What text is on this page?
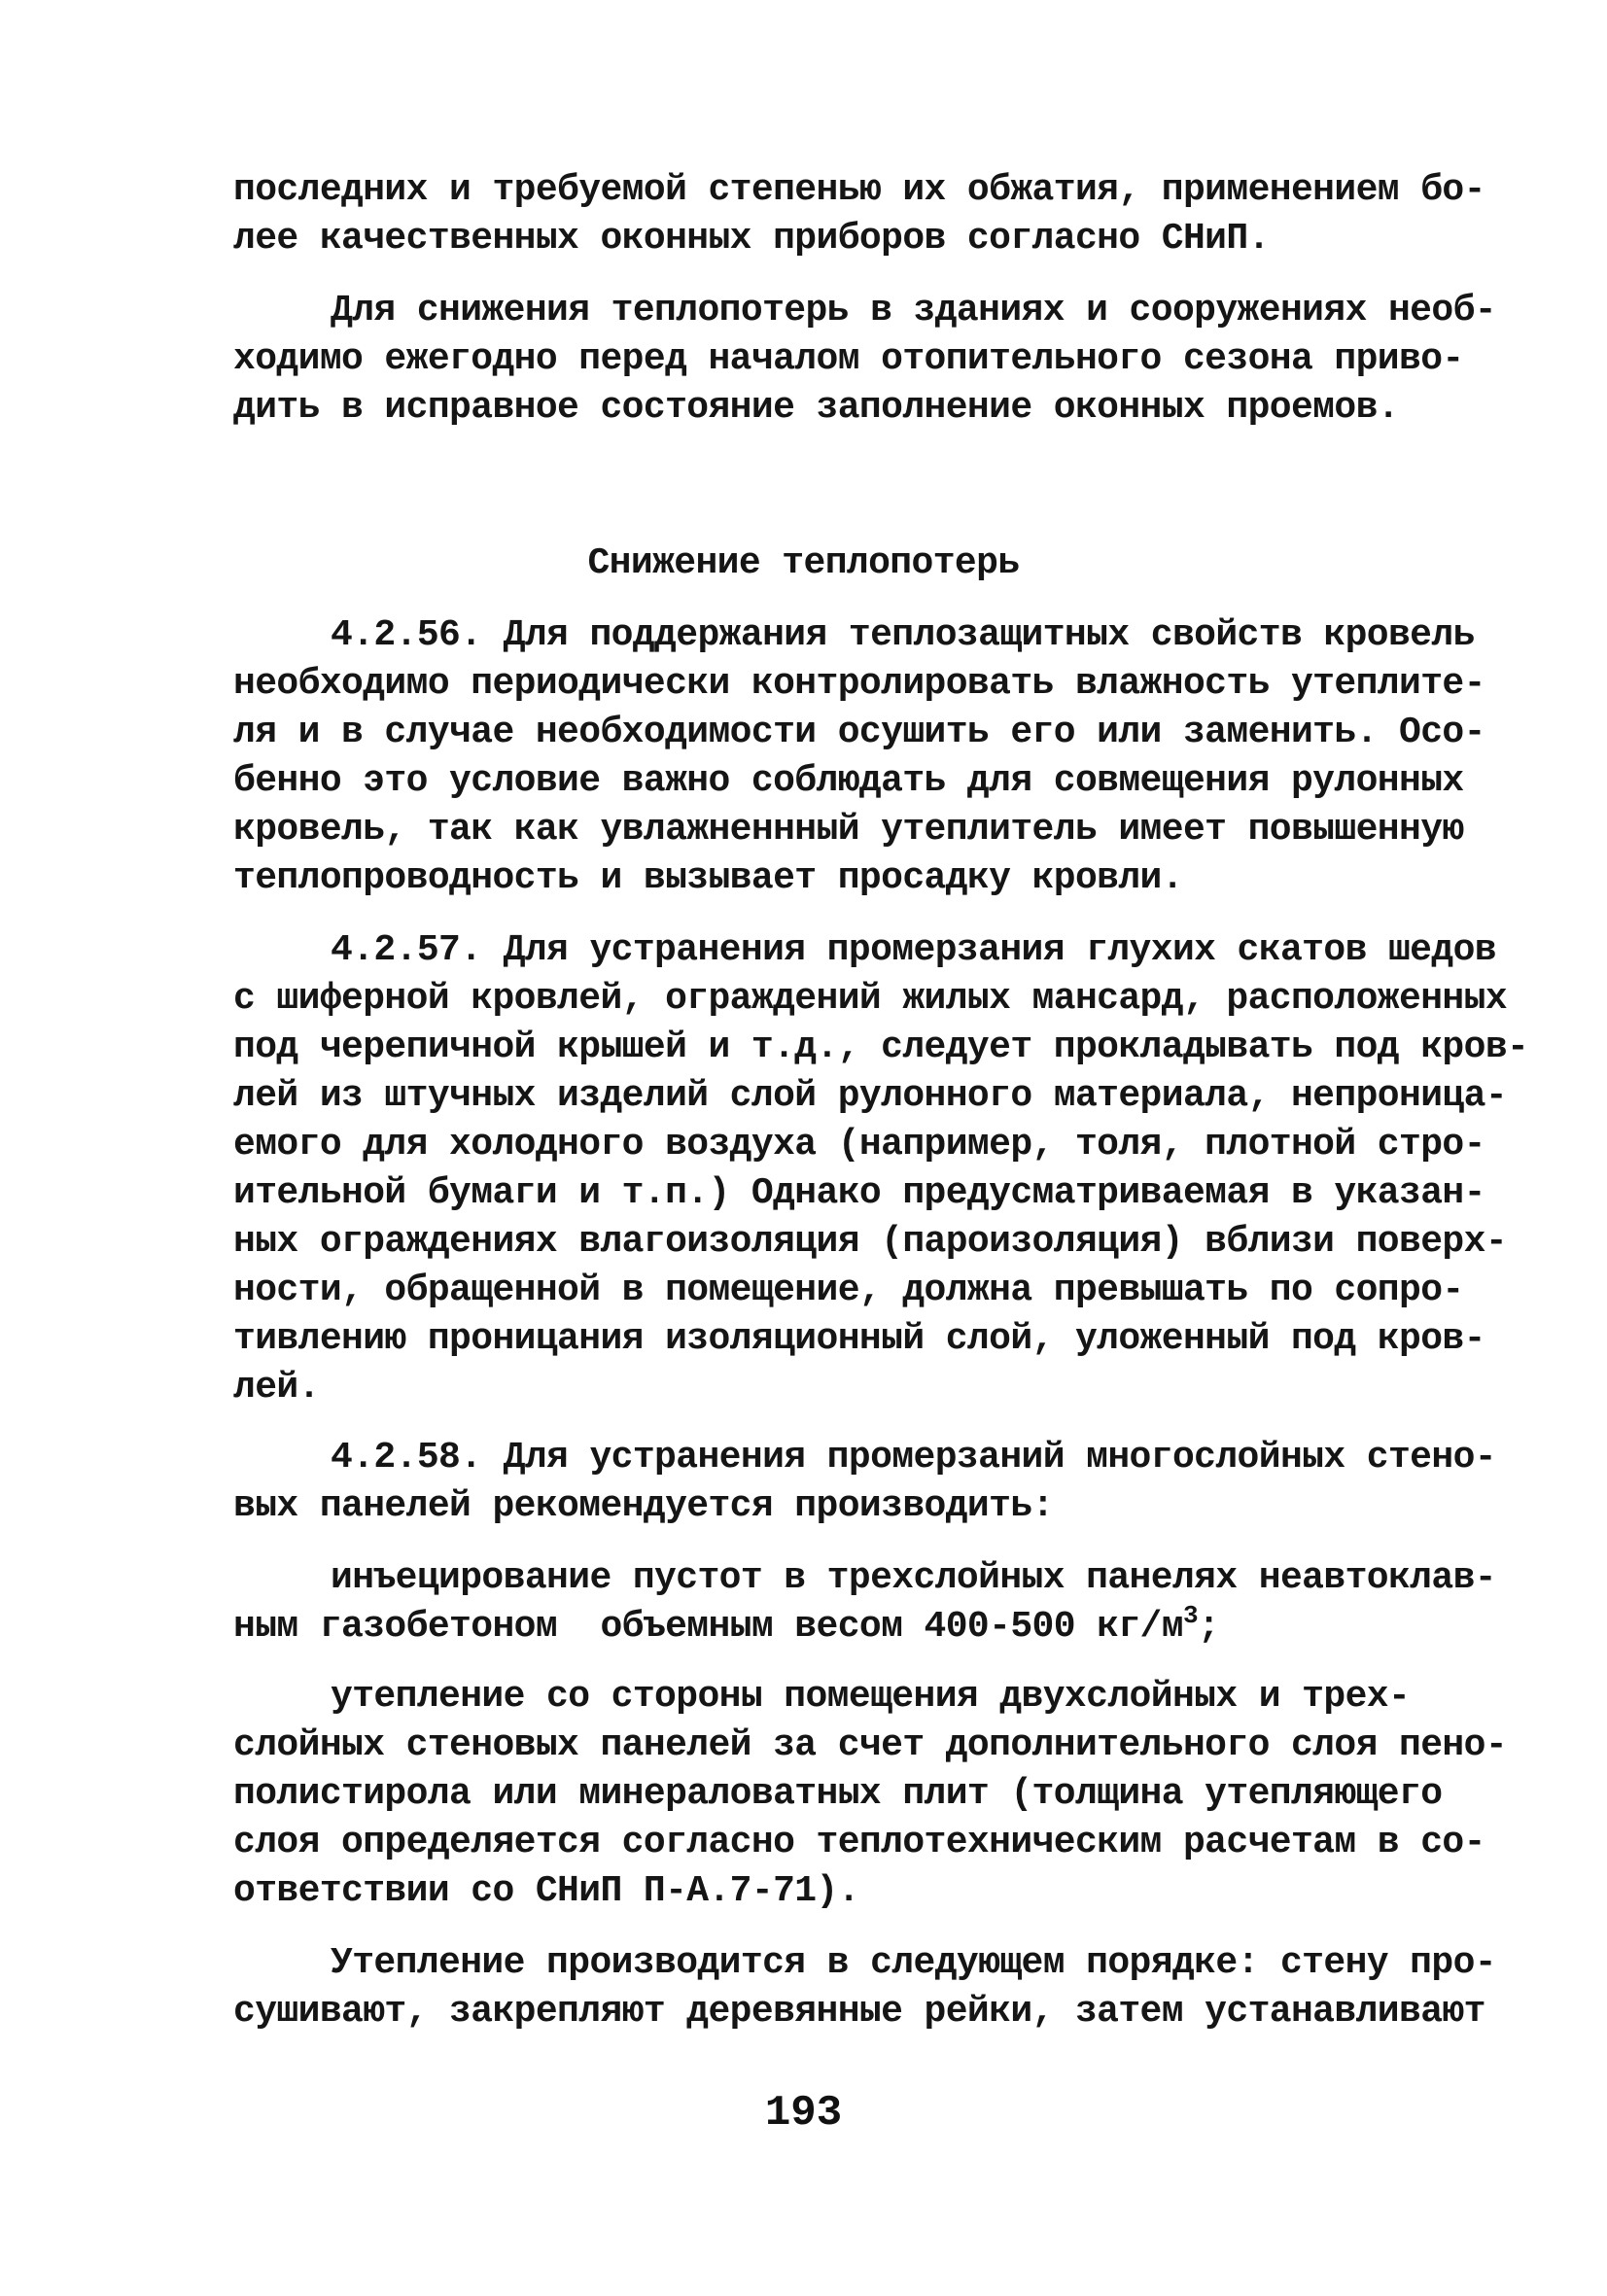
последних и требуемой степенью их обжатия, применением бо-

лее качественных оконных приборов согласно СНиП.

Для снижения теплопотерь в зданиях и сооружениях необ-

ходимо ежегодно перед началом отопительного сезона приво-

дить в исправное состояние заполнение оконных проемов.

Снижение теплопотерь

4.2.56. Для поддержания теплозащитных свойств кровель

необходимо периодически контролировать влажность утеплите-

ля и в случае необходимости осушить его или заменить. Осо-

бенно это условие важно соблюдать для совмещения рулонных

кровель, так как увлажненнный утеплитель имеет повышенную

теплопроводность и вызывает просадку кровли.

4.2.57. Для устранения промерзания глухих скатов шедов

с шиферной кровлей, ограждений жилых мансард, расположенных

под черепичной крышей и т.д., следует прокладывать под кров-

лей из штучных изделий слой рулонного материала, непроница-

емого для холодного воздуха (например, толя, плотной стро-

ительной бумаги и т.п.) Однако предусматриваемая в указан-

ных ограждениях влагоизоляция (пароизоляция) вблизи поверх-

ности, обращенной в помещение, должна превышать по сопро-

тивлению проницания изоляционный слой, уложенный под кров-

лей.

4.2.58. Для устранения промерзаний многослойных стено-

вых панелей рекомендуется производить:

инъецирование пустот в трехслойных панелях неавтоклав-

ным газобетоном  объемным весом 400-500 $кг/м^3$;

утепление со стороны помещения двухслойных и трех-

слойных стеновых панелей за счет дополнительного слоя пено-

полистирола или минераловатных плит (толщина утепляющего

слоя определяется согласно теплотехническим расчетам в со-

ответствии со СНиП П-А.7-71).

Утепление производится в следующем порядке: стену про-

сушивают, закрепляют деревянные рейки, затем устанавливают

193
